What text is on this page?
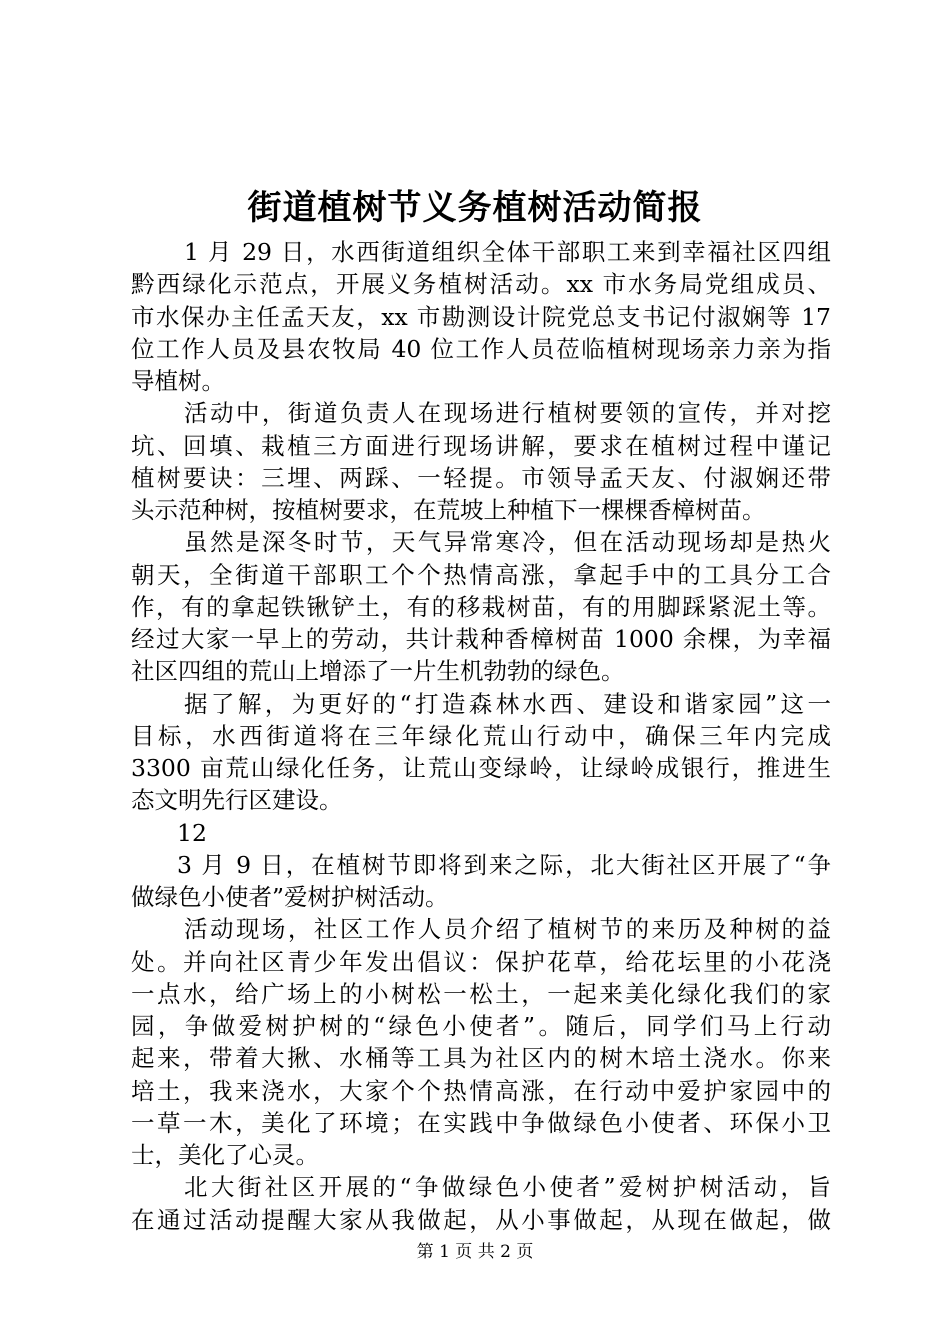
街道植树节义务植树活动简报
1 月 29 日，水西街道组织全体干部职工来到幸福社区四组
黔西绿化示范点，开展义务植树活动。xx 市水务局党组成员、
市水保办主任孟天友，xx 市勘测设计院党总支书记付淑娴等 17
位工作人员及县农牧局 40 位工作人员莅临植树现场亲力亲为指
导植树。
活动中，街道负责人在现场进行植树要领的宣传，并对挖
坑、回填、栽植三方面进行现场讲解，要求在植树过程中谨记
植树要诀：三埋、两踩、一轻提。市领导孟天友、付淑娴还带
头示范种树，按植树要求，在荒坡上种植下一棵棵香樟树苗。
虽然是深冬时节，天气异常寒冷，但在活动现场却是热火
朝天，全街道干部职工个个热情高涨，拿起手中的工具分工合
作，有的拿起铁锹铲土，有的移栽树苗，有的用脚踩紧泥土等。
经过大家一早上的劳动，共计栽种香樟树苗 1000 余棵，为幸福
社区四组的荒山上增添了一片生机勃勃的绿色。
据了解，为更好的“打造森林水西、建设和谐家园”这一
目标，水西街道将在三年绿化荒山行动中，确保三年内完成
3300 亩荒山绿化任务，让荒山变绿岭，让绿岭成银行，推进生
态文明先行区建设。
12
3 月 9 日，在植树节即将到来之际，北大街社区开展了“争
做绿色小使者”爱树护树活动。
活动现场，社区工作人员介绍了植树节的来历及种树的益
处。并向社区青少年发出倡议：保护花草，给花坛里的小花浇
一点水，给广场上的小树松一松土，一起来美化绿化我们的家
园，争做爱树护树的“绿色小使者”。随后，同学们马上行动
起来，带着大揪、水桶等工具为社区内的树木培土浇水。你来
培土，我来浇水，大家个个热情高涨，在行动中爱护家园中的
一草一木，美化了环境；在实践中争做绿色小使者、环保小卫
士，美化了心灵。
北大街社区开展的“争做绿色小使者”爱树护树活动，旨
在通过活动提醒大家从我做起，从小事做起，从现在做起，做
第 1 页 共 2 页
